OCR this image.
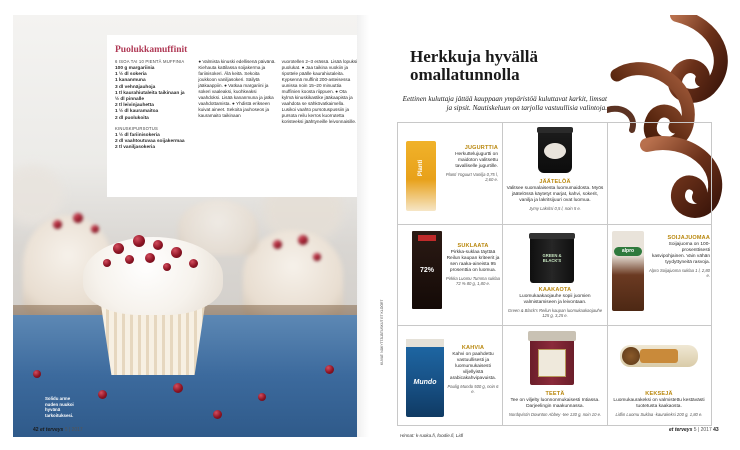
Puolukkamuffinit
6 ISOA TAI 10 PIENTÄ MUFFINIA
100 g margariinia
1 ½ dl sokeria
1 kananmuna
3 dl vehnäjauhoja
1 tl kaurahiutaleita taikinaan ja
½ dl pinnalle
2 tl leivinjauhetta
1 ½ dl kauramaitoa
2 dl puolukoita
KINUSKIPURSOTUS
1 ½ dl fariinisokeria
2 dl vaahtoutuvaa soijakermaa
2 tl vaniljasokeria

● Valmista kinuski edellisenä päivänä. Kiehauta kattilassa soijakerma ja fariinisokeri. Älä keitä. Sekoita joukkoon vaniljasokeri. Säilytä jääkaappiin. ● Vatkaa margariini ja sokeri vaaleaksi, kuohkeaksi vaahdoksi. Lisää kananmuna ja jatka vaahdottamista. ● Yhdistä erikseen kuivat aineet. Sekoita jauhoseos ja kauramaito taikinaan

vuorotellen 2–3 erässä. Lisää lopuksi puolukat. ● Jaa taikina vuokiin ja ripottele päälle kaurahiutaleita. Kypsennä muffinit 200-asteisessa uunissa noin 15–20 minuuttia muffinien koosta riippuen. ● Ota kylmä kinuskikastike jääkaapista ja vaahdota se sähkövatkaimella. Lusikoi vaahto pursotuspussiin ja pursota reilu kerros kuorrutetta koristeeksi jäähtyneille leivonnaisille.

Solidu arme nuden nuukoi hyvänä tarkoituksesi.
42 et terveys 5 | 2017
Herkkuja hyvällä omallatunnolla
Eettinen kuluttaja jättää kauppaan ympäristöä kuluttavat karkit, limsat ja sipsit. Nautiskeluun on tarjolla vastuullisia valintoja.
Planti
JUGURTTIA
Herkuttelujugurtti on maidoton valitsettu tavalliselle jugurtille.
Planti Yoguurt Vanilja 0,75 l, 2,60 e.	JÄÄTELÖÄ
Valitsee suomalaisesta luomumaidosta. Myös jäätelössä käytetyt marjat, kahvi, sokerit, vanilja ja lakritsijuuri ovat luomua.
Jymy Lakritsi 0,5 l, noin 5 e.
72%
SUKLAATA
Pirkka-suklaa täyttää Reilun kaupan kriteerit ja sen raaka-aineista 95 prosenttia on luomua.
Pirkka Luomu Tumma suklaa 72 % 80 g, 1,80 e.
GREEN & BLACK'S
KAAKAOTA
Luomukaakaojauhe sopii juomien valmistamiseen ja leivontaan.
Green & Black's Reilun kaupan luomukaakaojauhe 125 g, 3,25 e.
alpro
SOIJAJUOMAA
Soijajuoma on 100-prosenttisesti kasvipohjainen. Vain vähän tyydyttyneitä rasvoja.
Alpro Soijajuoma suklaa 1 l, 2,80 e.
Mundo
KAHVIA
Kahvi on paahdettu vastuullisesti ja luomumukaisesti viljellyistä arabicakahvipavuista.
Paulig Mundo 500 g, noin 6 e.	TEETÄ
Tee on viljelty luonnonmukaisesti Intiassa. Darjeelingin maakunnassa.
Nordqvistin Downton Abbey -tee 130 g, noin 10 e.
KEKSEJÄ
Luomukaurakeksi on valmistettu kestävästi tuotetusta kaakaosta.
Lidlin Luomu Suklaa -kaurakeksi 200 g, 1,80 e.
KUVAT: NÄKYTTÄJÄTUSKUT ET KLÖÖRT
Hinnat: k-ruoka.fi, foodie.fi, Lidl
et terveys 5 | 2017 43
